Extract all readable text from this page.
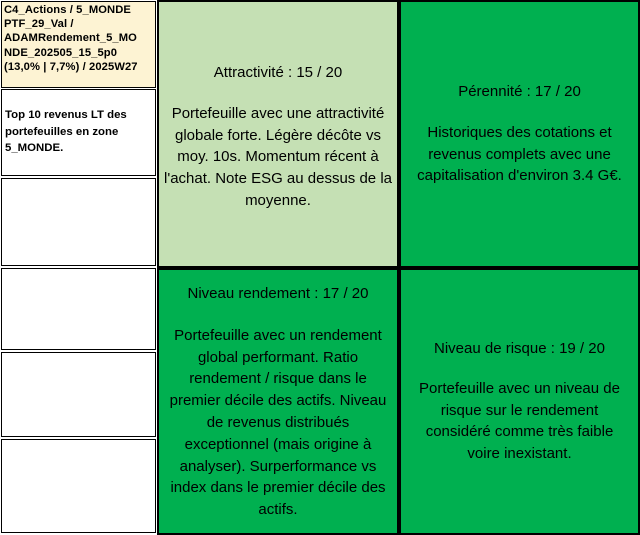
C4_Actions / 5_MONDE
PTF_29_Val /
ADAMRendement_5_MO
NDE_202505_15_5p0
(13,0% | 7,7%) / 2025W27
Top 10 revenus LT des portefeuilles en zone 5_MONDE.
Attractivité : 15 / 20
Portefeuille avec une attractivité globale forte. Légère décôte vs moy. 10s. Momentum récent à l'achat. Note ESG au dessus de la moyenne.
Pérennité : 17 / 20
Historiques des cotations et revenus complets avec une capitalisation d'environ 3.4 G€.
Niveau rendement : 17 / 20
Portefeuille avec un rendement global performant. Ratio rendement / risque dans le premier décile des actifs. Niveau de revenus distribués exceptionnel (mais origine à analyser). Surperformance vs index dans le premier décile des actifs.
Niveau de risque : 19 / 20
Portefeuille avec un niveau de risque sur le rendement considéré comme très faible voire inexistant.
